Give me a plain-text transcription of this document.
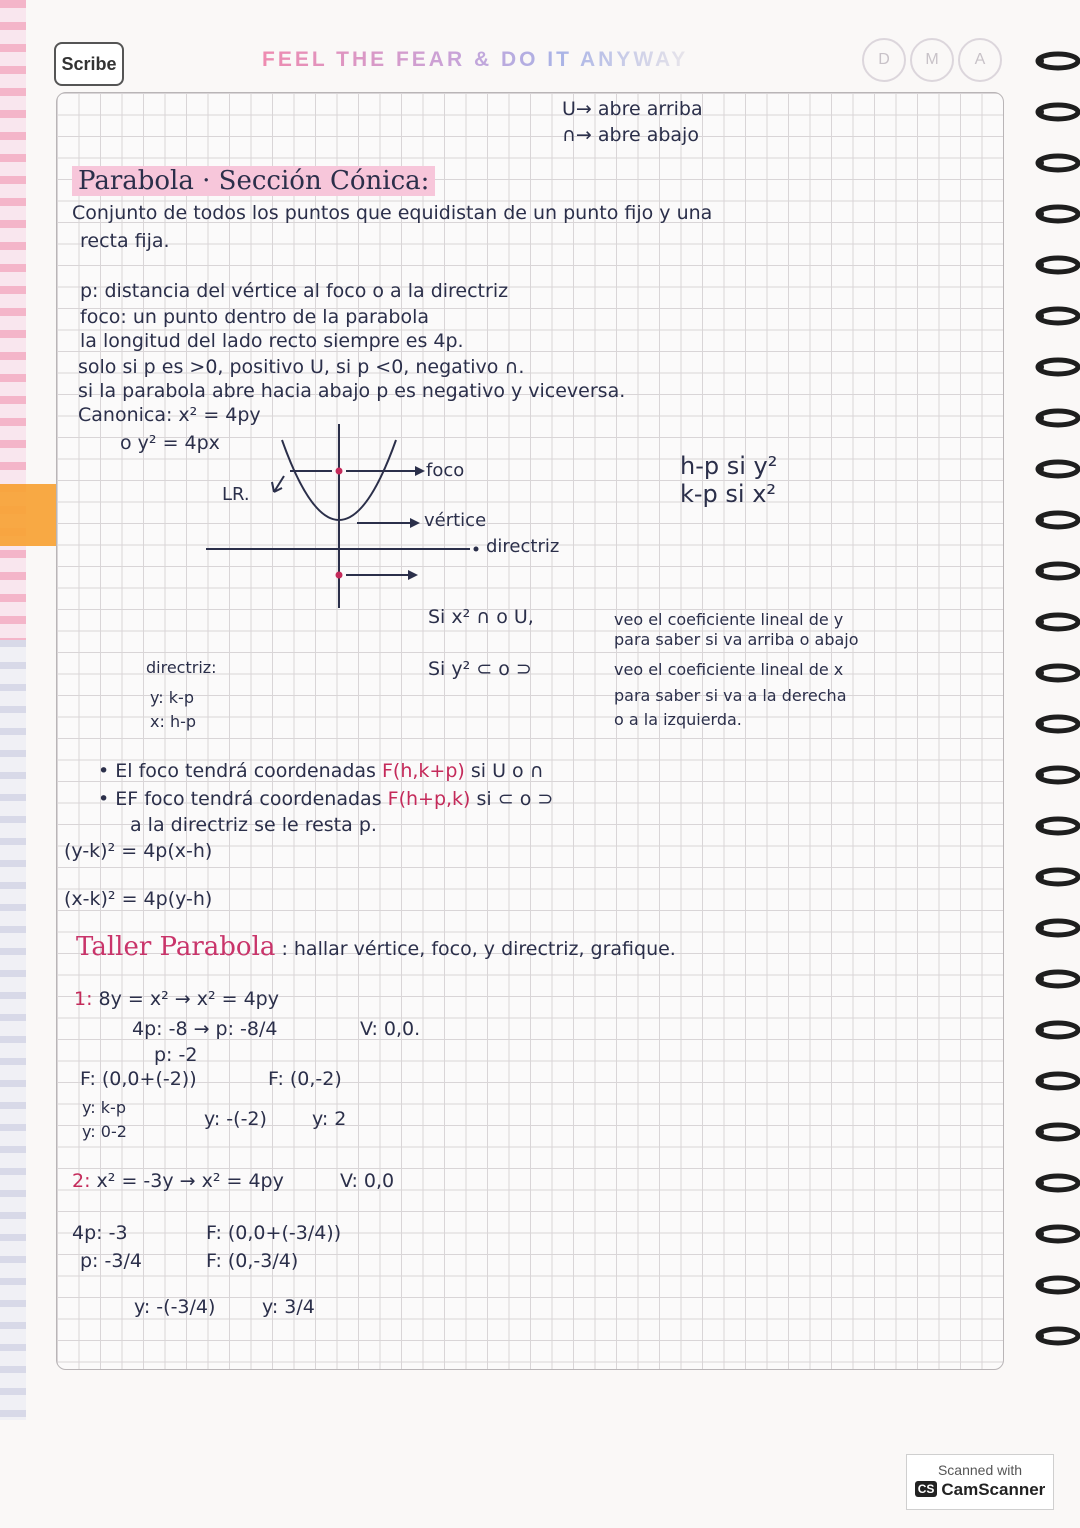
Scribe	FEEL THE FEAR & DO IT ANYWAY	D	M	A
U→ abre arriba
∩→ abre abajo
Parabola · Sección Cónica:
Conjunto de todos los puntos que equidistan de un punto fijo y una
recta fija.
p: distancia del vértice al foco o a la directriz
foco: un punto dentro de la parabola
la longitud del lado recto siempre es 4p.
solo si p es >0, positivo U, si p <0, negativo ∩.
si la parabola abre hacia abajo p es negativo y viceversa.
Canonica: x² = 4py
o y² = 4px
h-p si y²
k-p si x²
foco
vértice
directriz
LR.
Si x² ∩ o U,	veo el coeficiente lineal de y
para saber si va arriba o abajo
Si y² ⊂ o ⊃	veo el coeficiente lineal de x
para saber si va a la derecha
o a la izquierda.
directriz:
y: k-p
x: h-p
• El foco tendrá coordenadas F(h,k+p) si U o ∩
• EF foco tendrá coordenadas F(h+p,k) si ⊂ o ⊃
a la directriz se le resta p.
(y-k)² = 4p(x-h)
(x-k)² = 4p(y-h)
Taller Parabola : hallar vértice, foco, y directriz, grafique.
1: 8y = x² → x² = 4py
4p: -8 → p: -8/4	V: 0,0.
p: -2
F: (0,0+(-2))	F: (0,-2)
y: k-p
y: 0-2
y: -(-2) y: 2
2: x² = -3y → x² = 4py	V: 0,0
4p: -3
p: -3/4
F: (0,0+(-3/4))
F: (0,-3/4)
y: -(-3/4) y: 3/4
Scanned with
CS CamScanner
